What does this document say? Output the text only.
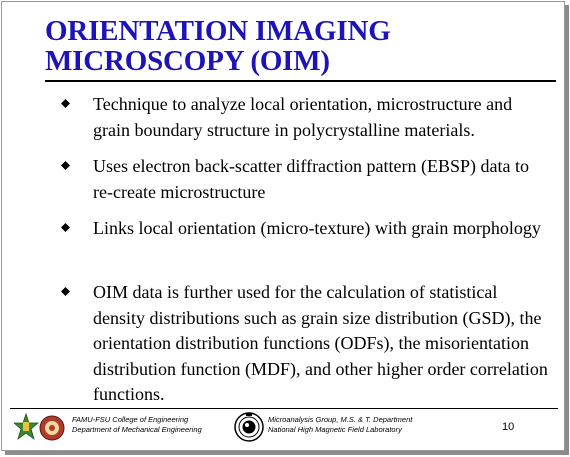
ORIENTATION IMAGING MICROSCOPY (OIM)
Technique to analyze local orientation, microstructure and grain boundary structure in polycrystalline materials.
Uses electron back-scatter diffraction pattern (EBSP) data to re-create microstructure
Links local orientation (micro-texture) with grain morphology
OIM data is further used for the calculation of statistical density distributions such as grain size distribution (GSD), the orientation distribution functions (ODFs), the misorientation distribution function (MDF), and other higher order correlation functions.
FAMU-FSU College of Engineering
Department of Mechanical Engineering
Microanalysis Group, M.S. & T. Department
National High Magnetic Field Laboratory	10
